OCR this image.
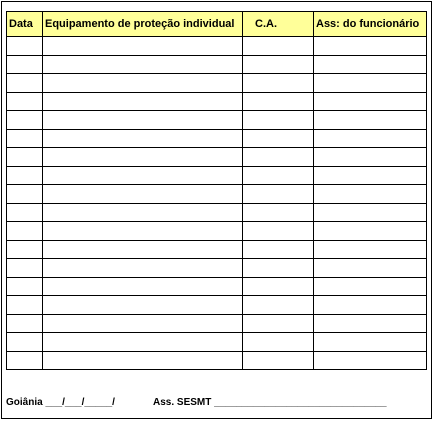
Data	Equipamento de proteção individual	C.A.	Ass: do funcionário

Goiânia ___/___/_____/	Ass. SESMT _______________________________
